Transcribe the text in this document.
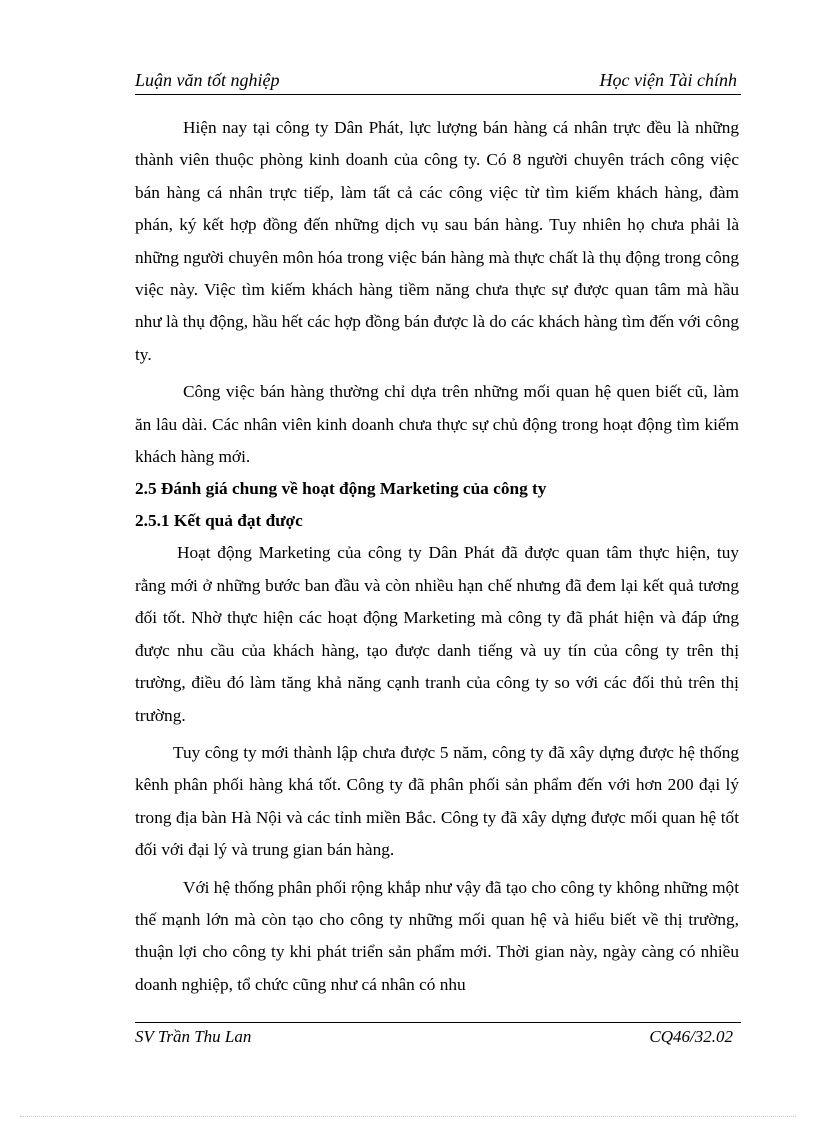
Luận văn tốt nghiệp	Học viện Tài chính

Hiện nay tại công ty Dân Phát, lực lượng bán hàng cá nhân trực đều là những thành viên thuộc phòng kinh doanh của công ty. Có 8 người chuyên trách công việc bán hàng cá nhân trực tiếp, làm tất cả các công việc từ tìm kiếm khách hàng, đàm phán, ký kết hợp đồng đến những dịch vụ sau bán hàng. Tuy nhiên họ chưa phải là những người chuyên môn hóa trong việc bán hàng mà thực chất là thụ động trong công việc này. Việc tìm kiếm khách hàng tiềm năng chưa thực sự được quan tâm mà hầu như là thụ động, hầu hết các hợp đồng bán được là do các khách hàng tìm đến với công ty.

Công việc bán hàng thường chỉ dựa trên những mối quan hệ quen biết cũ, làm ăn lâu dài. Các nhân viên kinh doanh chưa thực sự chủ động trong hoạt động tìm kiếm khách hàng mới.

2.5 Đánh giá chung về hoạt động Marketing của công ty

2.5.1 Kết quả đạt được

Hoạt động Marketing của công ty Dân Phát đã được quan tâm thực hiện, tuy rằng mới ở những bước ban đầu và còn nhiều hạn chế nhưng đã đem lại kết quả tương đối tốt. Nhờ thực hiện các hoạt động Marketing mà công ty đã phát hiện và đáp ứng được nhu cầu của khách hàng, tạo được danh tiếng và uy tín của công ty trên thị trường, điều đó làm tăng khả năng cạnh tranh của công ty so với các đối thủ trên thị trường.

Tuy công ty mới thành lập chưa được 5 năm, công ty đã xây dựng được hệ thống kênh phân phối hàng khá tốt. Công ty đã phân phối sản phẩm đến với hơn 200 đại lý trong địa bàn Hà Nội và các tỉnh miền Bắc. Công ty đã xây dựng được mối quan hệ tốt đối với đại lý và trung gian bán hàng.

Với hệ thống phân phối rộng khắp như vậy đã tạo cho công ty không những một thế mạnh lớn mà còn tạo cho công ty những mối quan hệ và hiểu biết về thị trường, thuận lợi cho công ty khi phát triển sản phẩm mới. Thời gian này, ngày càng có nhiều doanh nghiệp, tổ chức cũng như cá nhân có nhu

SV Trần Thu Lan	CQ46/32.02
